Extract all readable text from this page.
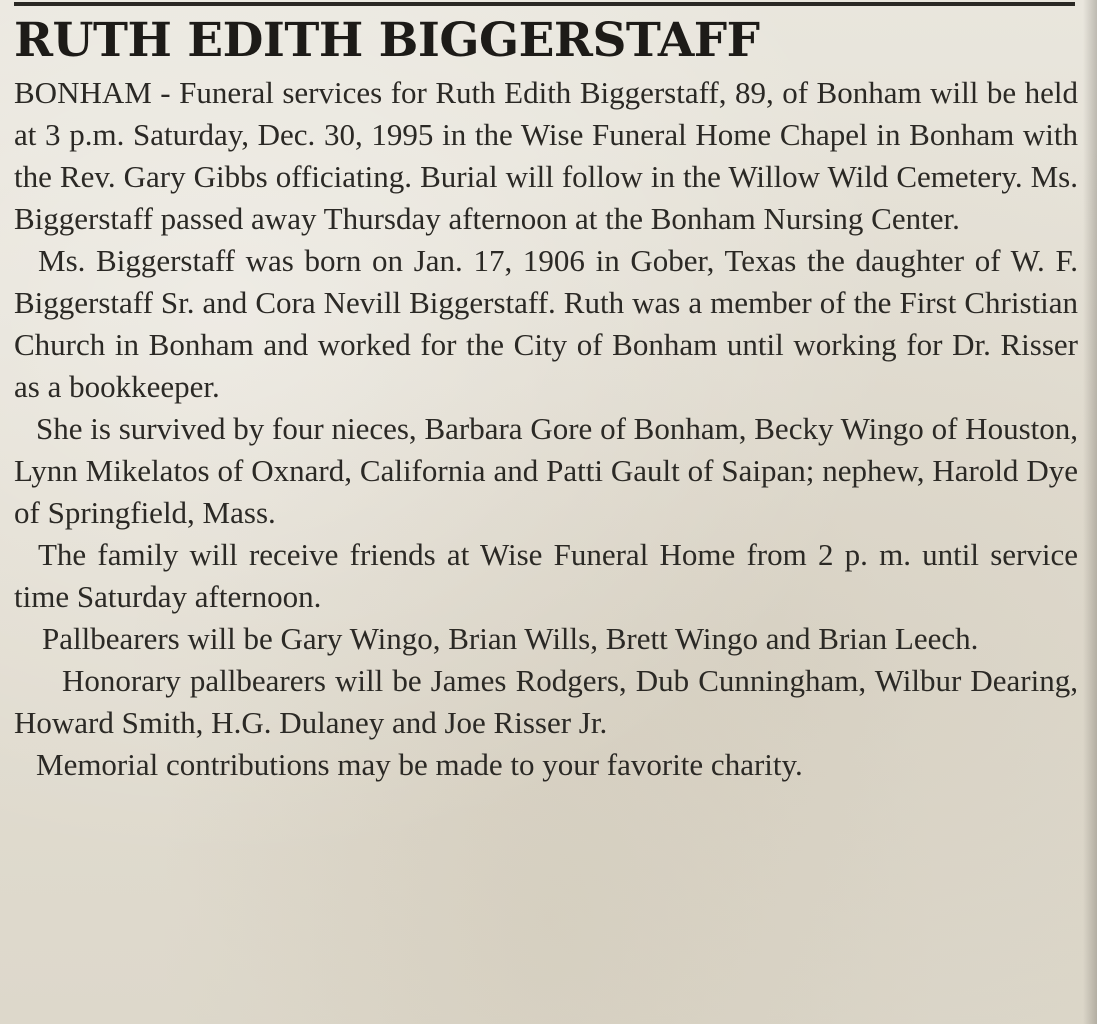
RUTH EDITH BIGGERSTAFF

BONHAM - Funeral services for Ruth Edith Biggerstaff, 89, of Bonham will be held at 3 p.m. Saturday, Dec. 30, 1995 in the Wise Funeral Home Chapel in Bonham with the Rev. Gary Gibbs officiating. Burial will follow in the Willow Wild Cemetery. Ms. Biggerstaff passed away Thursday afternoon at the Bonham Nursing Center.

Ms. Biggerstaff was born on Jan. 17, 1906 in Gober, Texas the daughter of W. F. Biggerstaff Sr. and Cora Nevill Biggerstaff. Ruth was a member of the First Christian Church in Bonham and worked for the City of Bonham until working for Dr. Risser as a bookkeeper.

She is survived by four nieces, Barbara Gore of Bonham, Becky Wingo of Houston, Lynn Mikelatos of Oxnard, California and Patti Gault of Saipan; nephew, Harold Dye of Springfield, Mass.

The family will receive friends at Wise Funeral Home from 2 p. m. until service time Saturday afternoon.

Pallbearers will be Gary Wingo, Brian Wills, Brett Wingo and Brian Leech.

Honorary pallbearers will be James Rodgers, Dub Cunningham, Wilbur Dearing, Howard Smith, H.G. Dulaney and Joe Risser Jr.

Memorial contributions may be made to your favorite charity.
